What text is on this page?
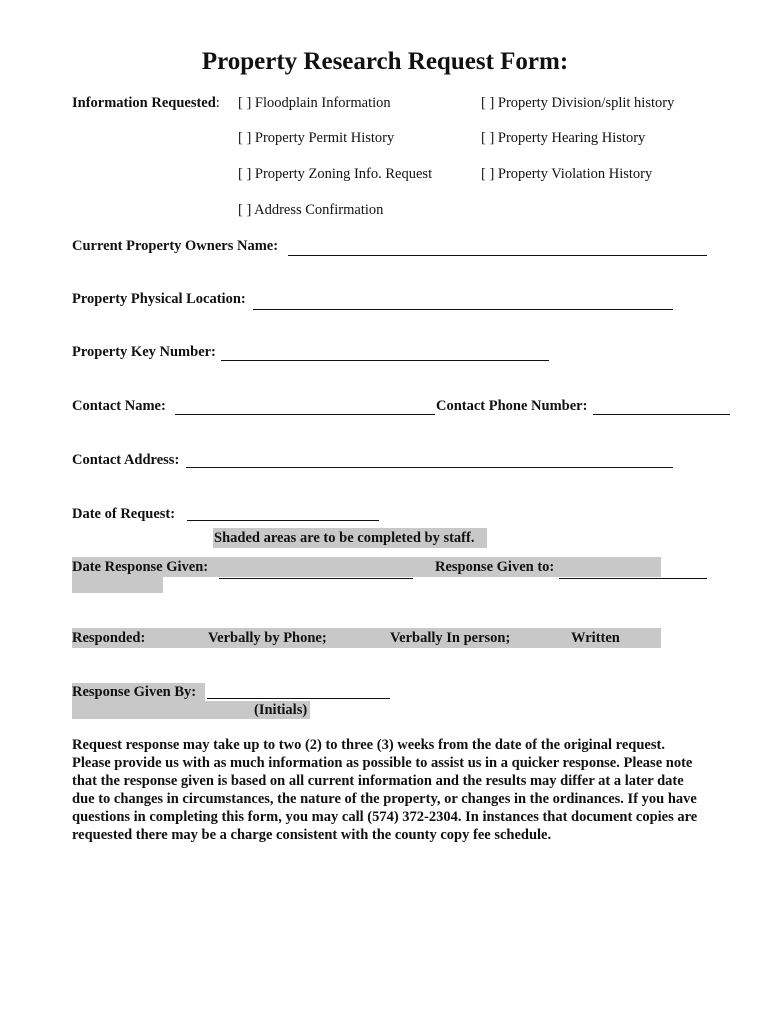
Property Research Request Form:
Information Requested: [ ] Floodplain Information	[ ] Property Division/split history
[ ] Property Permit History	[ ] Property Hearing History
[ ] Property Zoning Info. Request	[ ] Property Violation History
[ ] Address Confirmation
Current Property Owners Name:
Property Physical Location:
Property Key Number:
Contact Name:	Contact Phone Number:
Contact Address:
Date of Request:
Shaded areas are to be completed by staff.
Date Response Given:	Response Given to:
Responded:	Verbally by Phone;	Verbally In person;	Written
Response Given By:
(Initials)
Request response may take up to two (2) to three (3) weeks from the date of the original request. Please provide us with as much information as possible to assist us in a quicker response. Please note that the response given is based on all current information and the results may differ at a later date due to changes in circumstances, the nature of the property, or changes in the ordinances. If you have questions in completing this form, you may call (574) 372-2304. In instances that document copies are requested there may be a charge consistent with the county copy fee schedule.
